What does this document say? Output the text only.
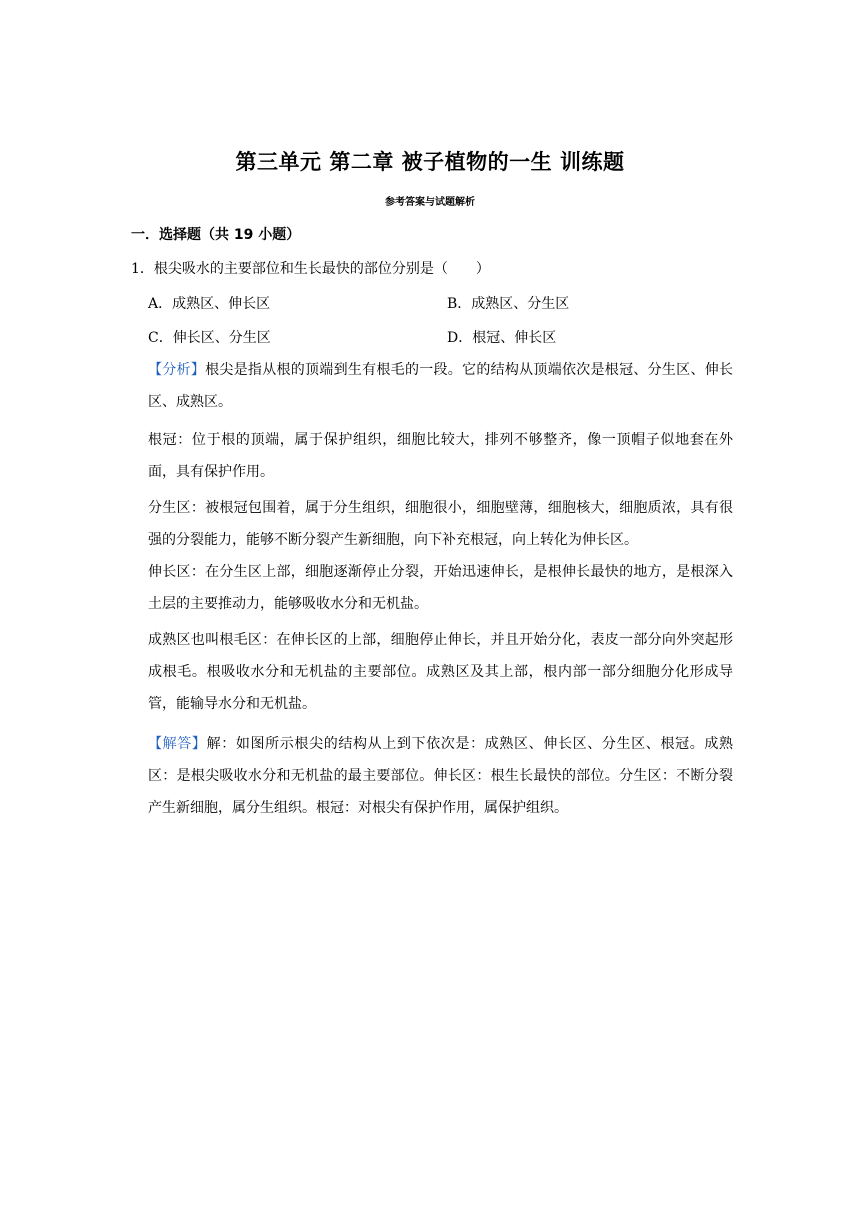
第三单元 第二章 被子植物的一生 训练题
参考答案与试题解析
一．选择题（共 19 小题）
1．根尖吸水的主要部位和生长最快的部位分别是（　　）
A．成熟区、伸长区	B．成熟区、分生区
C．伸长区、分生区	D．根冠、伸长区
【分析】根尖是指从根的顶端到生有根毛的一段。它的结构从顶端依次是根冠、分生区、伸长区、成熟区。
根冠：位于根的顶端，属于保护组织，细胞比较大，排列不够整齐，像一顶帽子似地套在外面，具有保护作用。
分生区：被根冠包围着，属于分生组织，细胞很小，细胞壁薄，细胞核大，细胞质浓，具有很强的分裂能力，能够不断分裂产生新细胞，向下补充根冠，向上转化为伸长区。
伸长区：在分生区上部，细胞逐渐停止分裂，开始迅速伸长，是根伸长最快的地方，是根深入土层的主要推动力，能够吸收水分和无机盐。
成熟区也叫根毛区：在伸长区的上部，细胞停止伸长，并且开始分化，表皮一部分向外突起形成根毛。根吸收水分和无机盐的主要部位。成熟区及其上部，根内部一部分细胞分化形成导管，能输导水分和无机盐。
【解答】解：如图所示根尖的结构从上到下依次是：成熟区、伸长区、分生区、根冠。成熟区：是根尖吸收水分和无机盐的最主要部位。伸长区：根生长最快的部位。分生区：不断分裂产生新细胞，属分生组织。根冠：对根尖有保护作用，属保护组织。
